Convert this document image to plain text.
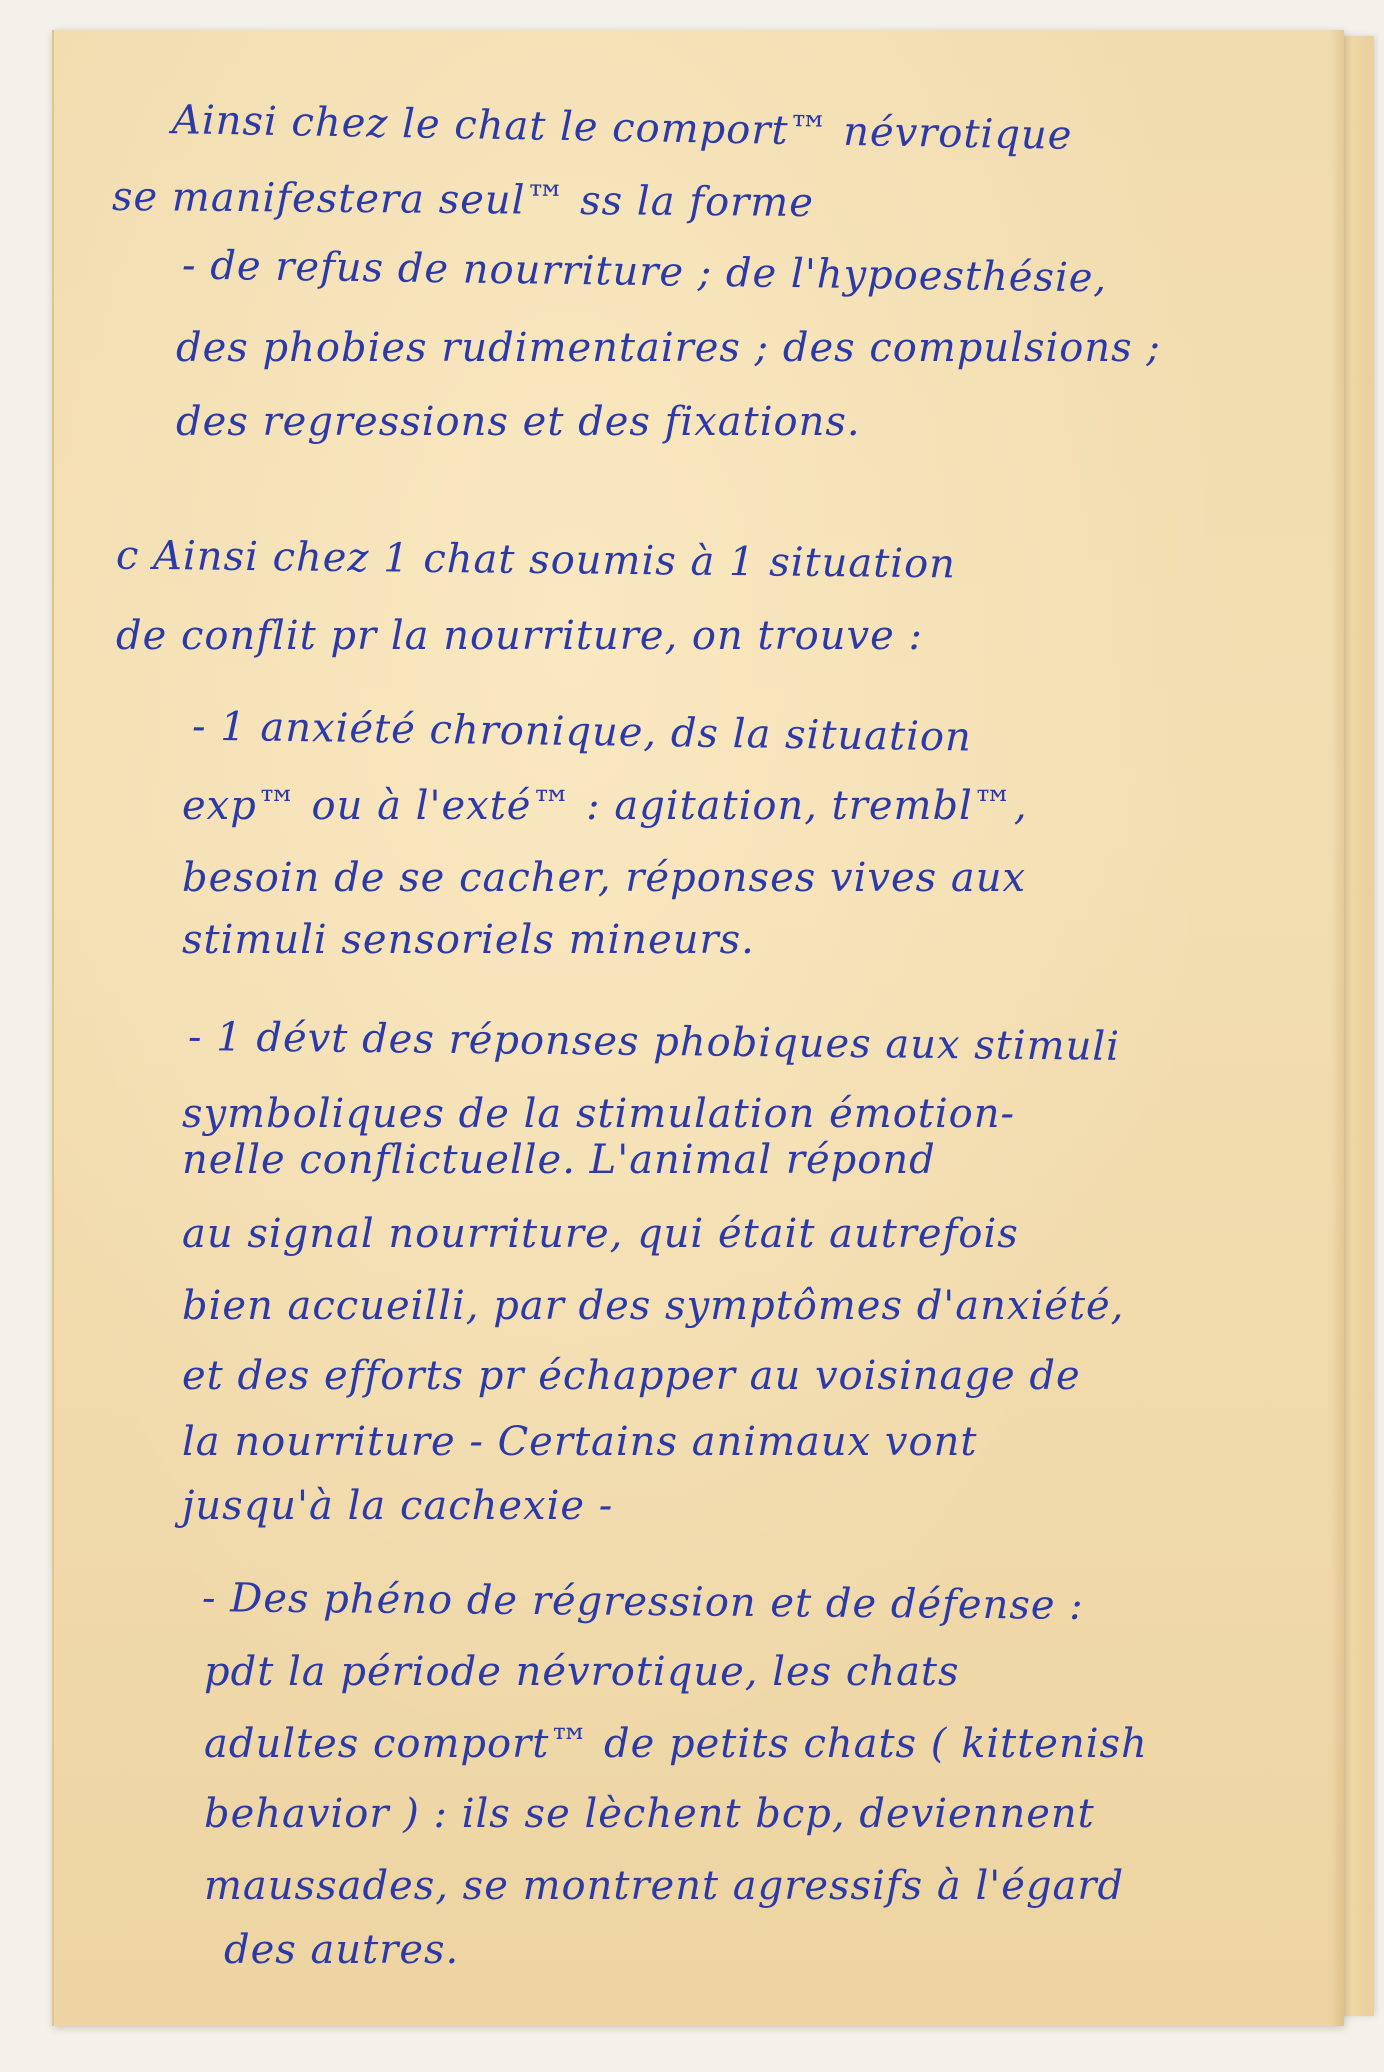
Ainsi chez le chat le comport™ névrotique

se manifestera seul™ ss la forme

- de refus de nourriture ; de l'hypoesthésie,

des phobies rudimentaires ; des compulsions ;

des regressions et des fixations.

c Ainsi chez 1 chat soumis à 1 situation

de conflit pr la nourriture, on trouve :

- 1 anxiété chronique, ds la situation

exp™ ou à l'exté™ : agitation, trembl™,

besoin de se cacher, réponses vives aux

stimuli sensoriels mineurs.

- 1 dévt des réponses phobiques aux stimuli

symboliques de la stimulation émotion-

nelle conflictuelle. L'animal répond

au signal nourriture, qui était autrefois

bien accueilli, par des symptômes d'anxiété,

et des efforts pr échapper au voisinage de

la nourriture - Certains animaux vont

jusqu'à la cachexie -

- Des phéno de régression et de défense :

pdt la période névrotique, les chats

adultes comport™ de petits chats ( kittenish

behavior ) : ils se lèchent bcp, deviennent

maussades, se montrent agressifs à l'égard

des autres.
